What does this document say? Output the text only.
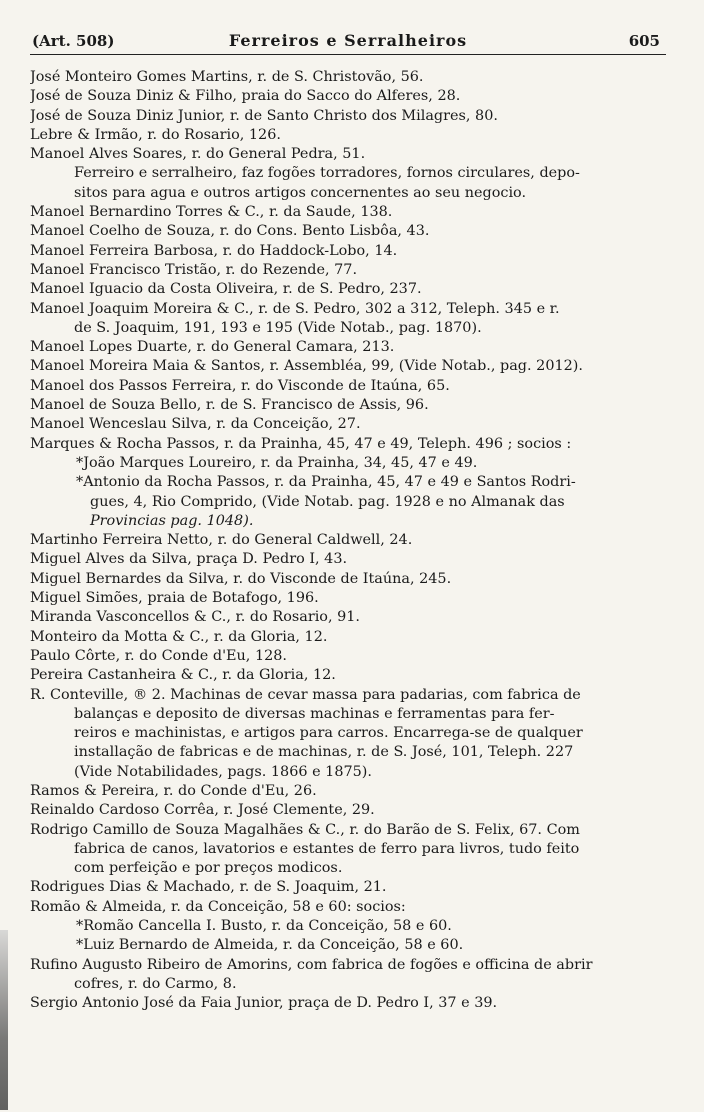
(Art. 508)	Ferreiros e Serralheiros	605
José Monteiro Gomes Martins, r. de S. Christovão, 56.
José de Souza Diniz & Filho, praia do Sacco do Alferes, 28.
José de Souza Diniz Junior, r. de Santo Christo dos Milagres, 80.
Lebre & Irmão, r. do Rosario, 126.
Manoel Alves Soares, r. do General Pedra, 51.
Ferreiro e serralheiro, faz fogões torradores, fornos circulares, depo-
sitos para agua e outros artigos concernentes ao seu negocio.
Manoel Bernardino Torres & C., r. da Saude, 138.
Manoel Coelho de Souza, r. do Cons. Bento Lisbôa, 43.
Manoel Ferreira Barbosa, r. do Haddock-Lobo, 14.
Manoel Francisco Tristão, r. do Rezende, 77.
Manoel Iguacio da Costa Oliveira, r. de S. Pedro, 237.
Manoel Joaquim Moreira & C., r. de S. Pedro, 302 a 312, Teleph. 345 e r.
de S. Joaquim, 191, 193 e 195 (Vide Notab., pag. 1870).
Manoel Lopes Duarte, r. do General Camara, 213.
Manoel Moreira Maia & Santos, r. Assembléa, 99, (Vide Notab., pag. 2012).
Manoel dos Passos Ferreira, r. do Visconde de Itaúna, 65.
Manoel de Souza Bello, r. de S. Francisco de Assis, 96.
Manoel Wenceslau Silva, r. da Conceição, 27.
Marques & Rocha Passos, r. da Prainha, 45, 47 e 49, Teleph. 496 ; socios :
*João Marques Loureiro, r. da Prainha, 34, 45, 47 e 49.
*Antonio da Rocha Passos, r. da Prainha, 45, 47 e 49 e Santos Rodri-
gues, 4, Rio Comprido, (Vide Notab. pag. 1928 e no Almanak das
Provincias pag. 1048).
Martinho Ferreira Netto, r. do General Caldwell, 24.
Miguel Alves da Silva, praça D. Pedro I, 43.
Miguel Bernardes da Silva, r. do Visconde de Itaúna, 245.
Miguel Simões, praia de Botafogo, 196.
Miranda Vasconcellos & C., r. do Rosario, 91.
Monteiro da Motta & C., r. da Gloria, 12.
Paulo Côrte, r. do Conde d'Eu, 128.
Pereira Castanheira & C., r. da Gloria, 12.
R. Conteville, ® 2. Machinas de cevar massa para padarias, com fabrica de
balanças e deposito de diversas machinas e ferramentas para fer-
reiros e machinistas, e artigos para carros. Encarrega-se de qualquer
installação de fabricas e de machinas, r. de S. José, 101, Teleph. 227
(Vide Notabilidades, pags. 1866 e 1875).
Ramos & Pereira, r. do Conde d'Eu, 26.
Reinaldo Cardoso Corrêa, r. José Clemente, 29.
Rodrigo Camillo de Souza Magalhães & C., r. do Barão de S. Felix, 67. Com
fabrica de canos, lavatorios e estantes de ferro para livros, tudo feito
com perfeição e por preços modicos.
Rodrigues Dias & Machado, r. de S. Joaquim, 21.
Romão & Almeida, r. da Conceição, 58 e 60: socios:
*Romão Cancella I. Busto, r. da Conceição, 58 e 60.
*Luiz Bernardo de Almeida, r. da Conceição, 58 e 60.
Rufino Augusto Ribeiro de Amorins, com fabrica de fogões e officina de abrir
cofres, r. do Carmo, 8.
Sergio Antonio José da Faia Junior, praça de D. Pedro I, 37 e 39.
